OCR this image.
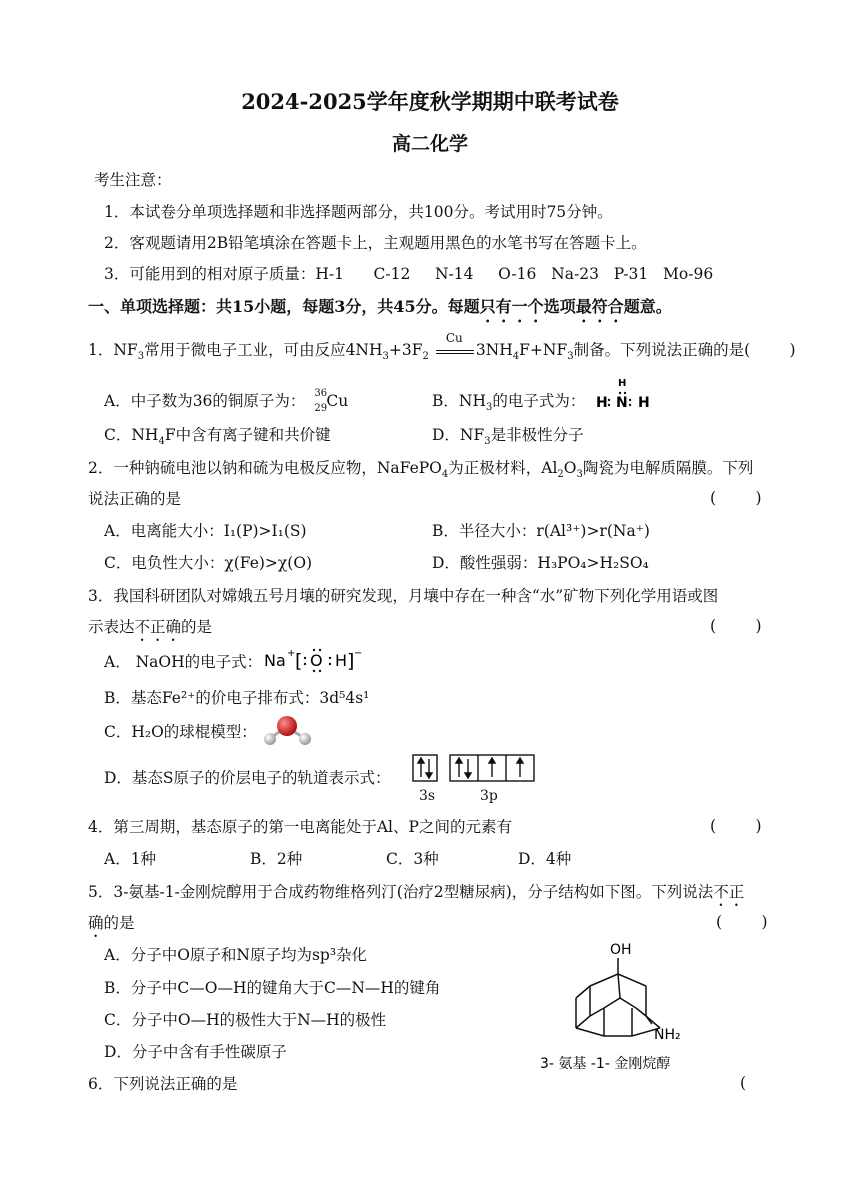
2024-2025学年度秋学期期中联考试卷
高二化学
考生注意：
1．本试卷分单项选择题和非选择题两部分，共100分。考试用时75分钟。
2．客观题请用2B铅笔填涂在答题卡上，主观题用黑色的水笔书写在答题卡上。
3．可能用到的相对原子质量：H-1      C-12     N-14     O-16   Na-23   P-31   Mo-96
一、单项选择题：共15小题，每题3分，共45分。每题只有一个选项最符合题意。
1．$NF_3$常用于微电子工业，可由反应$4NH_3+3F_2$
Cu
$3NH_4F+NF_3$制备。下列说法正确的是(        )
A．中子数为36的铜原子为： 36
29 Cu	B．$NH_3$的电子式为：
H
H N H
C．$NH_4F$中含有离子键和共价键	D．$NF_3$是非极性分子
2．一种钠硫电池以钠和硫为电极反应物，NaFePO$_4$为正极材料，$Al_2O_3$陶瓷为电解质隔膜。下列
说法正确的是	(        )
A．电离能大小：I₁(P)>I₁(S)	B．半径大小：r(Al³⁺)>r(Na⁺)
C．电负性大小：χ(Fe)>χ(O)	D．酸性强弱：H₃PO₄>H₂SO₄
3．我国科研团队对嫦娥五号月壤的研究发现，月壤中存在一种含“水”矿物下列化学用语或图
示表达不正确的是	(        )
A． NaOH的电子式： Na + [ O H ] −
B．基态Fe²⁺的价电子排布式：3d⁵4s¹
C．H₂O的球棍模型：
D．基态S原子的价层电子的轨道表示式：
3s	3p
4．第三周期，基态原子的第一电离能处于Al、P之间的元素有	(        )
A．1种	B．2种	C．3种	D．4种
5．3-氨基-1-金刚烷醇用于合成药物维格列汀(治疗2型糖尿病)，分子结构如下图。下列说法不正
确的是	(        )
A．分子中O原子和N原子均为sp³杂化
B．分子中C—O—H的键角大于C—N—H的键角
C．分子中O—H的极性大于N—H的极性
D．分子中含有手性碳原子
OH
NH₂
3- 氨基 -1- 金刚烷醇
6．下列说法正确的是	(
